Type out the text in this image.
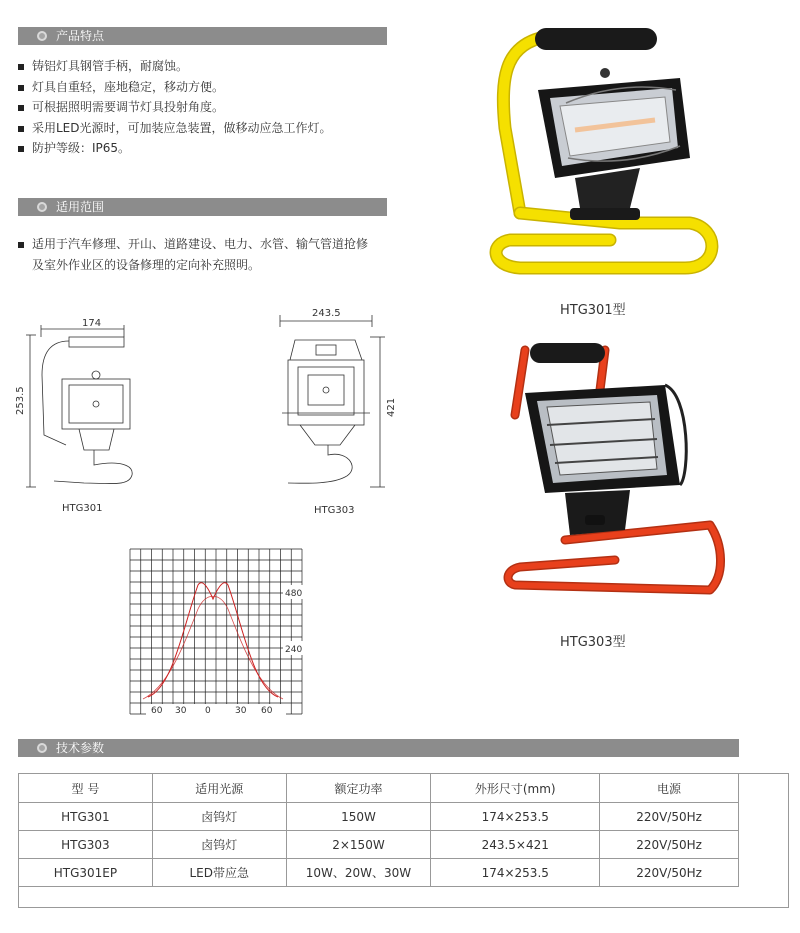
产品特点
铸铝灯具钢管手柄，耐腐蚀。
灯具自重轻，座地稳定，移动方便。
可根据照明需要调节灯具投射角度。
采用LED光源时，可加装应急装置，做移动应急工作灯。
防护等级：IP65。
适用范围
适用于汽车修理、开山、道路建设、电力、水管、输气管道抢修
及室外作业区的设备修理的定向补充照明。
HTG301型
HTG303型
174
253.5
HTG301
243.5
421
HTG303
480
240
60 30 0	30 60
技术参数
型 号	适用光源	额定功率	外形尺寸(mm)	电源
HTG301	卤钨灯	150W	174×253.5	220V/50Hz
HTG303	卤钨灯	2×150W	243.5×421	220V/50Hz
HTG301EP	LED带应急	10W、20W、30W	174×253.5	220V/50Hz
